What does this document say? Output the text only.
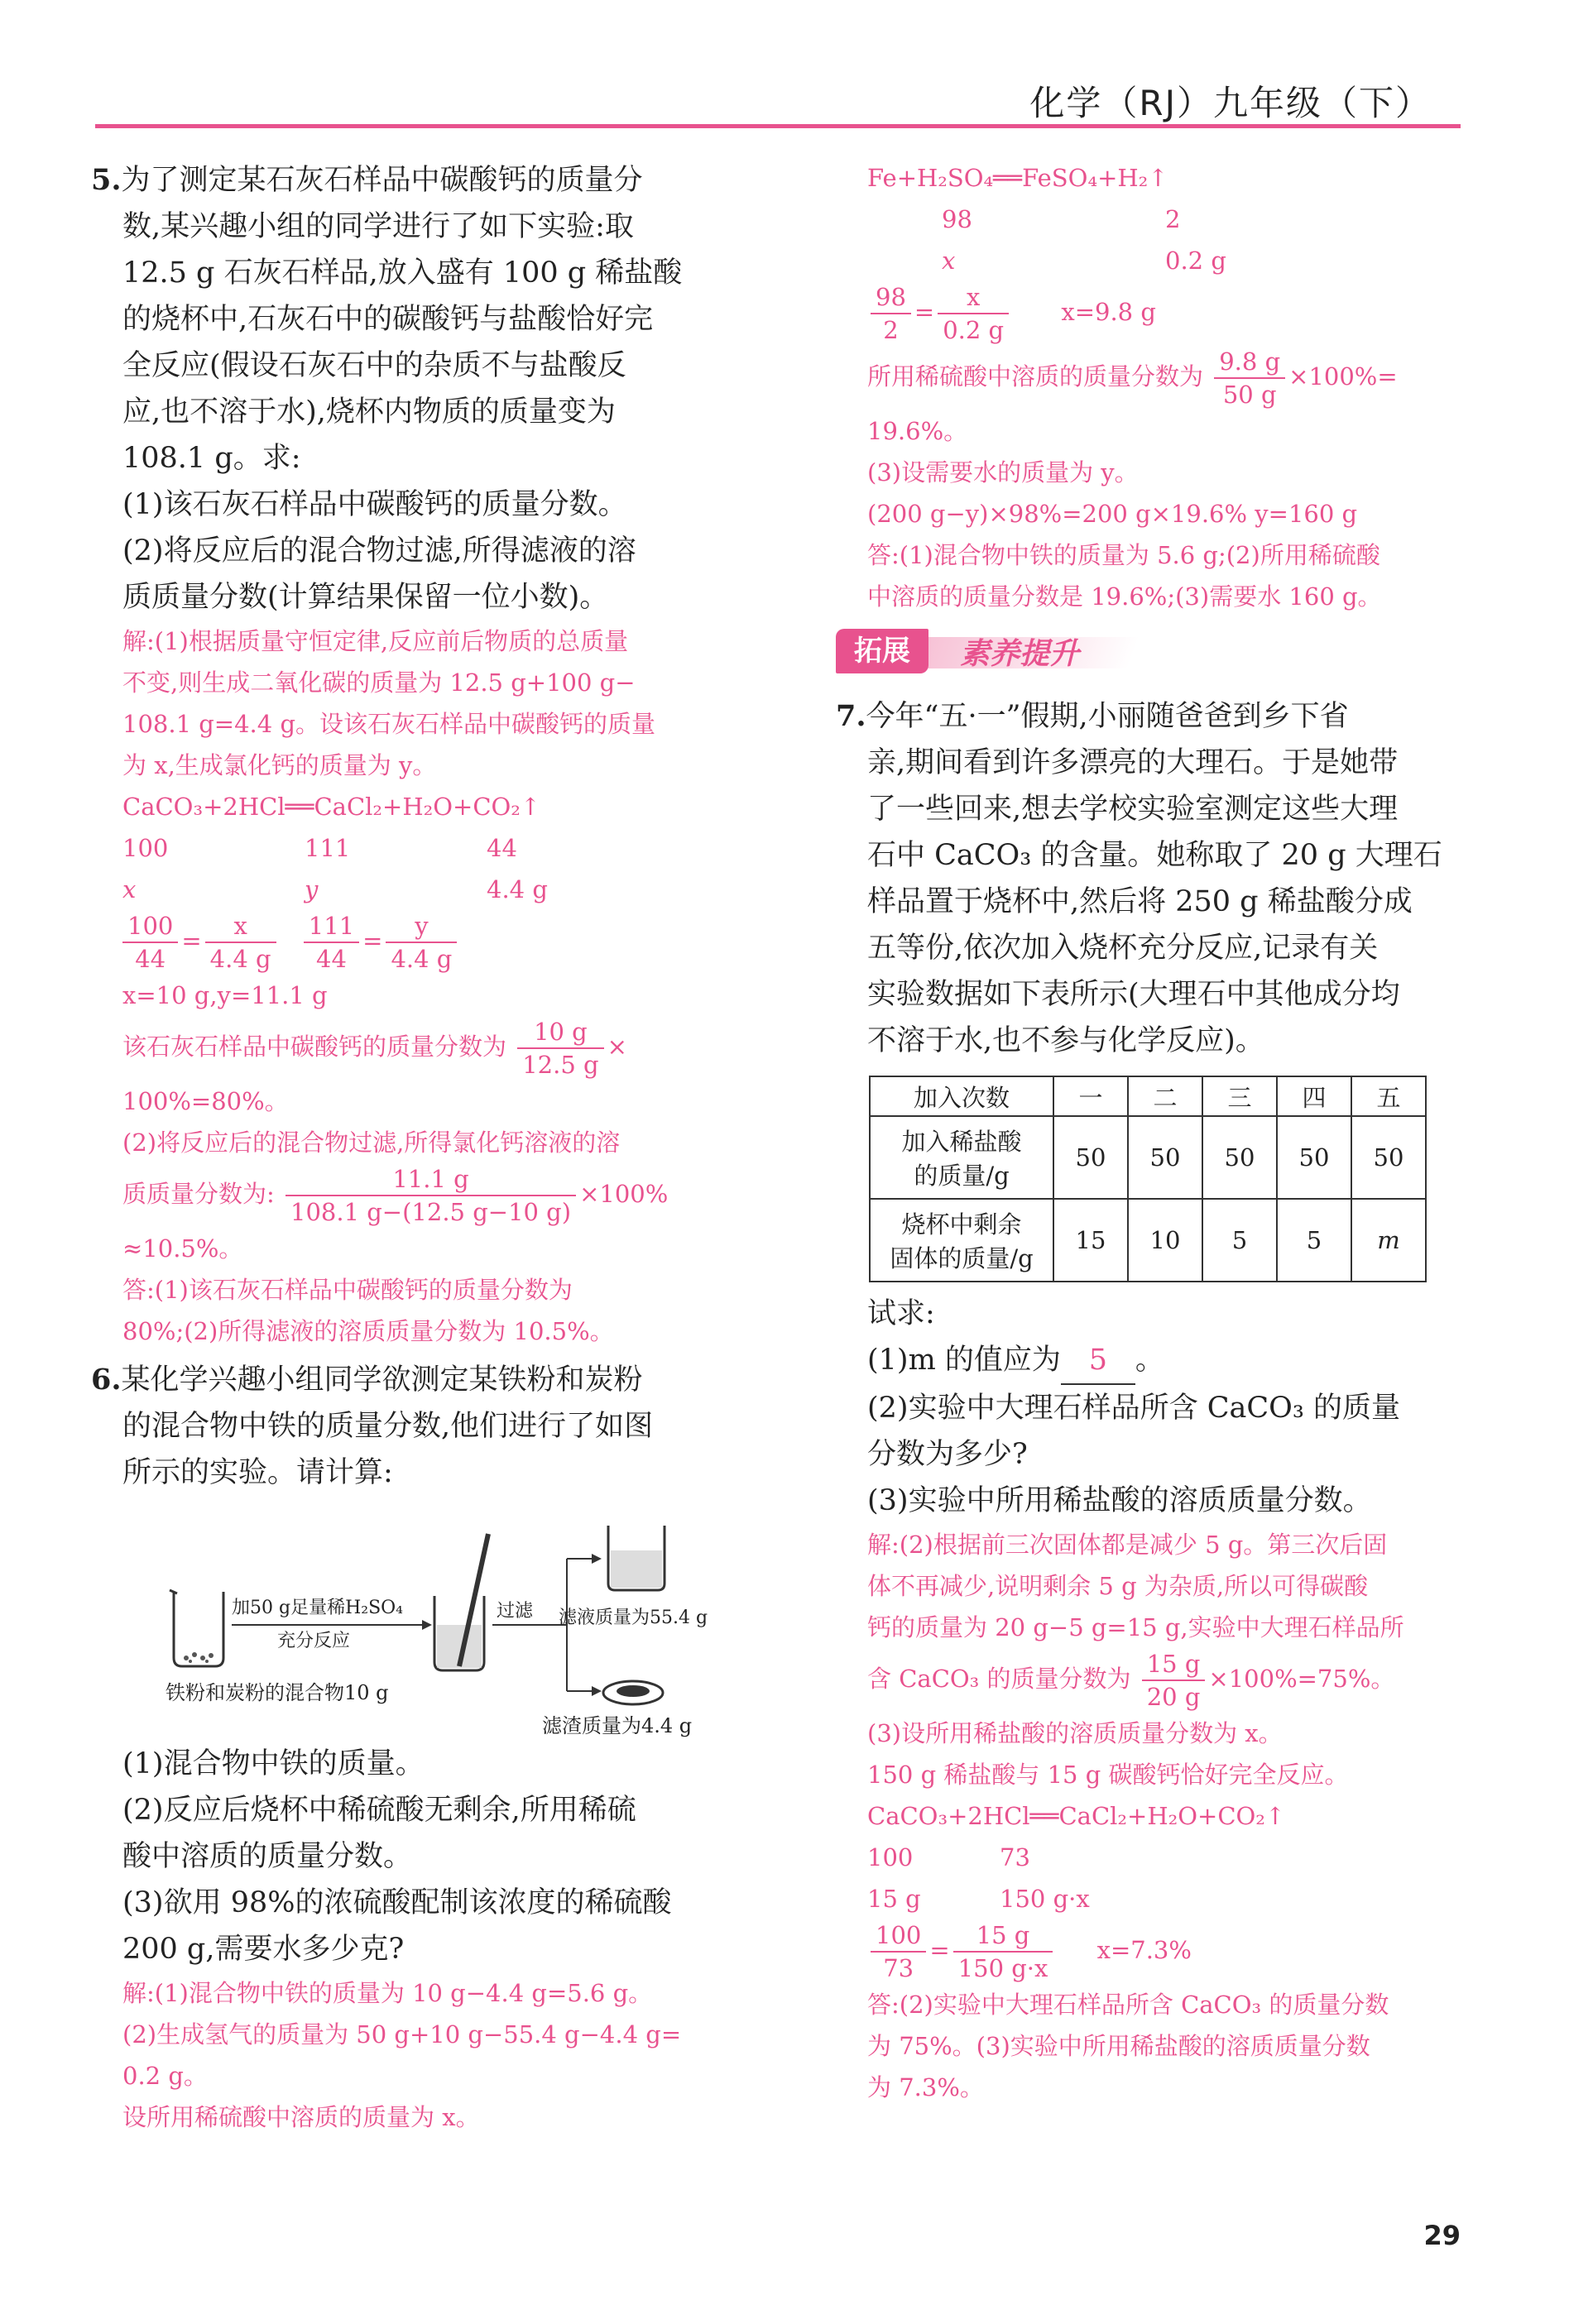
化学（RJ）九年级（下）

5.为了测定某石灰石样品中碳酸钙的质量分

数,某兴趣小组的同学进行了如下实验:取

12.5 g 石灰石样品,放入盛有 100 g 稀盐酸

的烧杯中,石灰石中的碳酸钙与盐酸恰好完

全反应(假设石灰石中的杂质不与盐酸反

应,也不溶于水),烧杯内物质的质量变为

108.1 g。求:

(1)该石灰石样品中碳酸钙的质量分数。

(2)将反应后的混合物过滤,所得滤液的溶

质质量分数(计算结果保留一位小数)。

解:(1)根据质量守恒定律,反应前后物质的总质量

不变,则生成二氧化碳的质量为 12.5 g+100 g−

108.1 g=4.4 g。设该石灰石样品中碳酸钙的质量

为 x,生成氯化钙的质量为 y。

CaCO₃+2HCl══CaCl₂+H₂O+CO₂↑

100	111	44
x	y	4.4 g
$\frac{100}{44} = \frac{x}{4.4 g}$
$\frac{111}{44} = \frac{y}{4.4 g}$

x=10 g,y=11.1 g

该石灰石样品中碳酸钙的质量分数为 $\frac{10 g}{12.5 g}$ ×

100%=80%。

(2)将反应后的混合物过滤,所得氯化钙溶液的溶

质质量分数为: $\frac{11.1 g}{108.1 g-(12.5 g-10 g)} \times 100\%$

≈10.5%。

答:(1)该石灰石样品中碳酸钙的质量分数为

80%;(2)所得滤液的溶质质量分数为 10.5%。

6.某化学兴趣小组同学欲测定某铁粉和炭粉

的混合物中铁的质量分数,他们进行了如图

所示的实验。请计算:

加50 g足量稀H₂SO₄
充分反应
铁粉和炭粉的混合物10 g
过滤 滤液质量为55.4 g
滤渣质量为4.4 g

(1)混合物中铁的质量。

(2)反应后烧杯中稀硫酸无剩余,所用稀硫

酸中溶质的质量分数。

(3)欲用 98%的浓硫酸配制该浓度的稀硫酸

200 g,需要水多少克?

解:(1)混合物中铁的质量为 10 g−4.4 g=5.6 g。

(2)生成氢气的质量为 50 g+10 g−55.4 g−4.4 g=

0.2 g。

设所用稀硫酸中溶质的质量为 x。

Fe+H₂SO₄══FeSO₄+H₂↑

98	2
x	0.2 g
$\frac{98}{2} = \frac{x}{0.2 g} x=9.8$ g
所用稀硫酸中溶质的质量分数为 $\frac{9.8 g}{50 g} \times 100\%=$

19.6%。

(3)设需要水的质量为 y。

(200 g−y)×98%=200 g×19.6% y=160 g

答:(1)混合物中铁的质量为 5.6 g;(2)所用稀硫酸

中溶质的质量分数是 19.6%;(3)需要水 160 g。

拓展	素养提升

7.今年“五·一”假期,小丽随爸爸到乡下省

亲,期间看到许多漂亮的大理石。于是她带

了一些回来,想去学校实验室测定这些大理

石中 CaCO₃ 的含量。她称取了 20 g 大理石

样品置于烧杯中,然后将 250 g 稀盐酸分成

五等份,依次加入烧杯充分反应,记录有关

实验数据如下表所示(大理石中其他成分均

不溶于水,也不参与化学反应)。

加入次数	一	二	三	四	五
加入稀盐酸
的质量/g	50	50	50	50	50
烧杯中剩余
固体的质量/g	15	10	5	5	m

试求:

(1)m 的值应为 5 。

(2)实验中大理石样品所含 CaCO₃ 的质量

分数为多少?

(3)实验中所用稀盐酸的溶质质量分数。

解:(2)根据前三次固体都是减少 5 g。第三次后固

体不再减少,说明剩余 5 g 为杂质,所以可得碳酸

钙的质量为 20 g−5 g=15 g,实验中大理石样品所

含 CaCO₃ 的质量分数为 $\frac{15 g}{20 g} \times 100\%=75\%$。

(3)设所用稀盐酸的溶质质量分数为 x。

150 g 稀盐酸与 15 g 碳酸钙恰好完全反应。

CaCO₃+2HCl══CaCl₂+H₂O+CO₂↑

100	73
15 g	150 g·x
$\frac{100}{73} = \frac{15 g}{150 g\cdot x} x=7.3\%$

答:(2)实验中大理石样品所含 CaCO₃ 的质量分数

为 75%。(3)实验中所用稀盐酸的溶质质量分数

为 7.3%。

29
